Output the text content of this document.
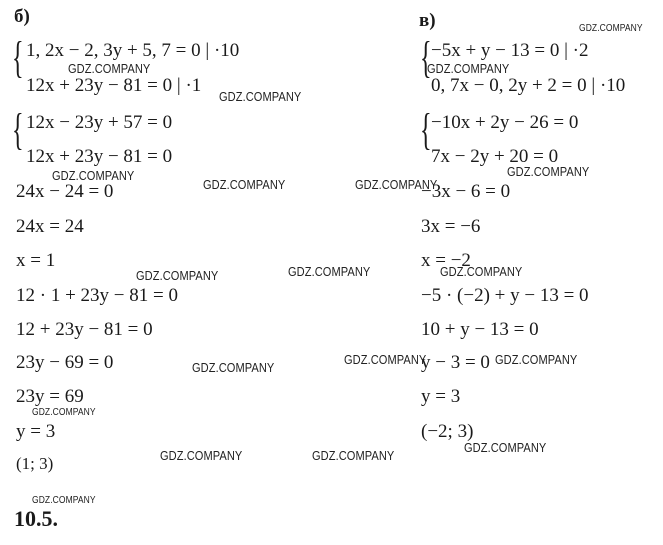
б)
{ 1, 2x − 2, 3y + 5, 7 = 0 | ·10
12x + 23y − 81 = 0 | ·1
{ 12x − 23y + 57 = 0
12x + 23y − 81 = 0
24x − 24 = 0
24x = 24
x = 1
12 · 1 + 23y − 81 = 0
12 + 23y − 81 = 0
23y − 69 = 0
23y = 69
y = 3
(1; 3)
в)
{ −5x + y − 13 = 0 | ·2
0, 7x − 0, 2y + 2 = 0 | ·10
{ −10x + 2y − 26 = 0
7x − 2y + 20 = 0
−3x − 6 = 0
3x = −6
x = −2
−5 · (−2) + y − 13 = 0
10 + y − 13 = 0
y − 3 = 0
y = 3
(−2; 3)
10.5.
GDZ.COMPANY
GDZ.COMPANY	GDZ.COMPANY
GDZ.COMPANY
GDZ.COMPANY	GDZ.COMPANY
GDZ.COMPANY	GDZ.COMPANY
GDZ.COMPANY	GDZ.COMPANY	GDZ.COMPANY
GDZ.COMPANY	GDZ.COMPANY
GDZ.COMPANY
GDZ.COMPANY
GDZ.COMPANY
GDZ.COMPANY	GDZ.COMPANY
GDZ.COMPANY
